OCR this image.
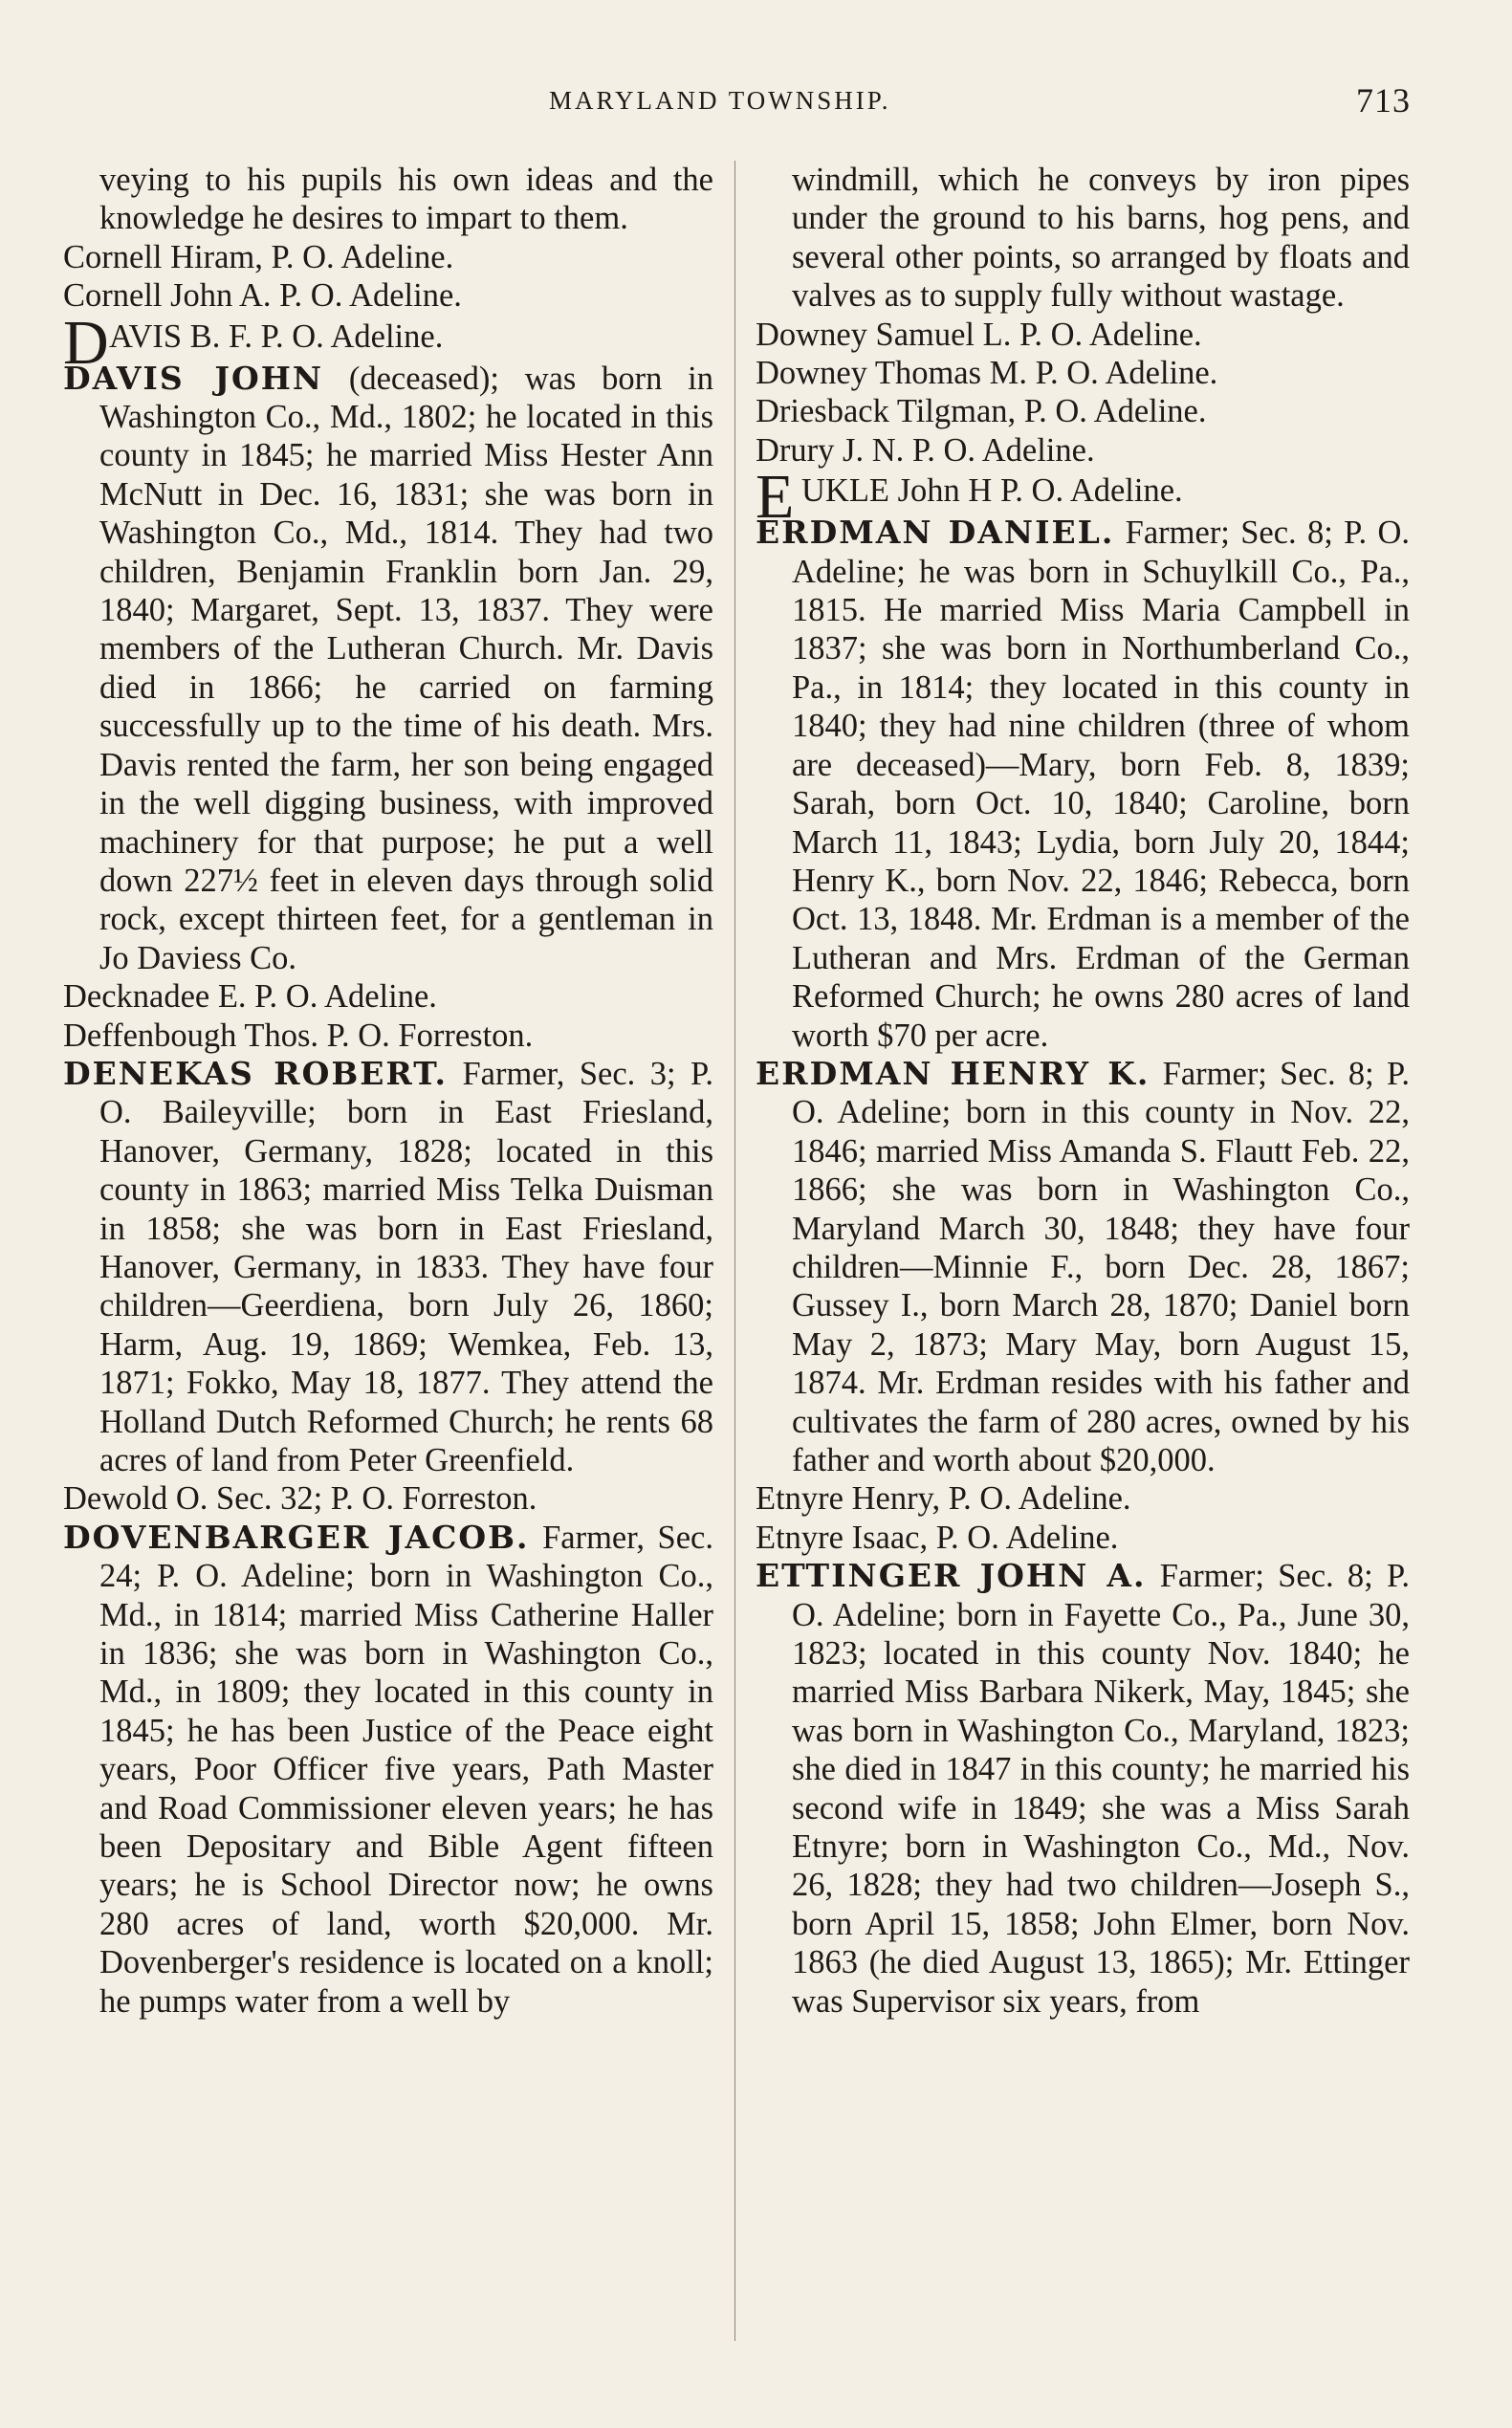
MARYLAND TOWNSHIP.	713

veying to his pupils his own ideas and the knowledge he desires to impart to them.

Cornell Hiram, P. O. Adeline.

Cornell John A. P. O. Adeline.

D AVIS B. F. P. O. Adeline.

DAVIS JOHN (deceased); was born in Washington Co., Md., 1802; he located in this county in 1845; he married Miss Hester Ann McNutt in Dec. 16, 1831; she was born in Washington Co., Md., 1814. They had two children, Benjamin Franklin born Jan. 29, 1840; Margaret, Sept. 13, 1837. They were members of the Lutheran Church. Mr. Davis died in 1866; he carried on farming successfully up to the time of his death. Mrs. Davis rented the farm, her son being engaged in the well digging business, with improved machinery for that purpose; he put a well down 227½ feet in eleven days through solid rock, except thirteen feet, for a gentleman in Jo Daviess Co.

Decknadee E. P. O. Adeline.

Deffenbough Thos. P. O. Forreston.

DENEKAS ROBERT. Farmer, Sec. 3; P. O. Baileyville; born in East Friesland, Hanover, Germany, 1828; located in this county in 1863; married Miss Telka Duisman in 1858; she was born in East Friesland, Hanover, Germany, in 1833. They have four children—Geerdiena, born July 26, 1860; Harm, Aug. 19, 1869; Wemkea, Feb. 13, 1871; Fokko, May 18, 1877. They attend the Holland Dutch Reformed Church; he rents 68 acres of land from Peter Greenfield.

Dewold O. Sec. 32; P. O. Forreston.

DOVENBARGER JACOB. Farmer, Sec. 24; P. O. Adeline; born in Washington Co., Md., in 1814; married Miss Catherine Haller in 1836; she was born in Washington Co., Md., in 1809; they located in this county in 1845; he has been Justice of the Peace eight years, Poor Officer five years, Path Master and Road Commissioner eleven years; he has been Depositary and Bible Agent fifteen years; he is School Director now; he owns 280 acres of land, worth $20,000. Mr. Dovenberger's residence is located on a knoll; he pumps water from a well by

windmill, which he conveys by iron pipes under the ground to his barns, hog pens, and several other points, so arranged by floats and valves as to supply fully without wastage.

Downey Samuel L. P. O. Adeline.

Downey Thomas M. P. O. Adeline.

Driesback Tilgman, P. O. Adeline.

Drury J. N. P. O. Adeline.

E UKLE John H P. O. Adeline.

ERDMAN DANIEL. Farmer; Sec. 8; P. O. Adeline; he was born in Schuylkill Co., Pa., 1815. He married Miss Maria Campbell in 1837; she was born in Northumberland Co., Pa., in 1814; they located in this county in 1840; they had nine children (three of whom are deceased)—Mary, born Feb. 8, 1839; Sarah, born Oct. 10, 1840; Caroline, born March 11, 1843; Lydia, born July 20, 1844; Henry K., born Nov. 22, 1846; Rebecca, born Oct. 13, 1848. Mr. Erdman is a member of the Lutheran and Mrs. Erdman of the German Reformed Church; he owns 280 acres of land worth $70 per acre.

ERDMAN HENRY K. Farmer; Sec. 8; P. O. Adeline; born in this county in Nov. 22, 1846; married Miss Amanda S. Flautt Feb. 22, 1866; she was born in Washington Co., Maryland March 30, 1848; they have four children—Minnie F., born Dec. 28, 1867; Gussey I., born March 28, 1870; Daniel born May 2, 1873; Mary May, born August 15, 1874. Mr. Erdman resides with his father and cultivates the farm of 280 acres, owned by his father and worth about $20,000.

Etnyre Henry, P. O. Adeline.

Etnyre Isaac, P. O. Adeline.

ETTINGER JOHN A. Farmer; Sec. 8; P. O. Adeline; born in Fayette Co., Pa., June 30, 1823; located in this county Nov. 1840; he married Miss Barbara Nikerk, May, 1845; she was born in Washington Co., Maryland, 1823; she died in 1847 in this county; he married his second wife in 1849; she was a Miss Sarah Etnyre; born in Washington Co., Md., Nov. 26, 1828; they had two children—Joseph S., born April 15, 1858; John Elmer, born Nov. 1863 (he died August 13, 1865); Mr. Ettinger was Supervisor six years, from
